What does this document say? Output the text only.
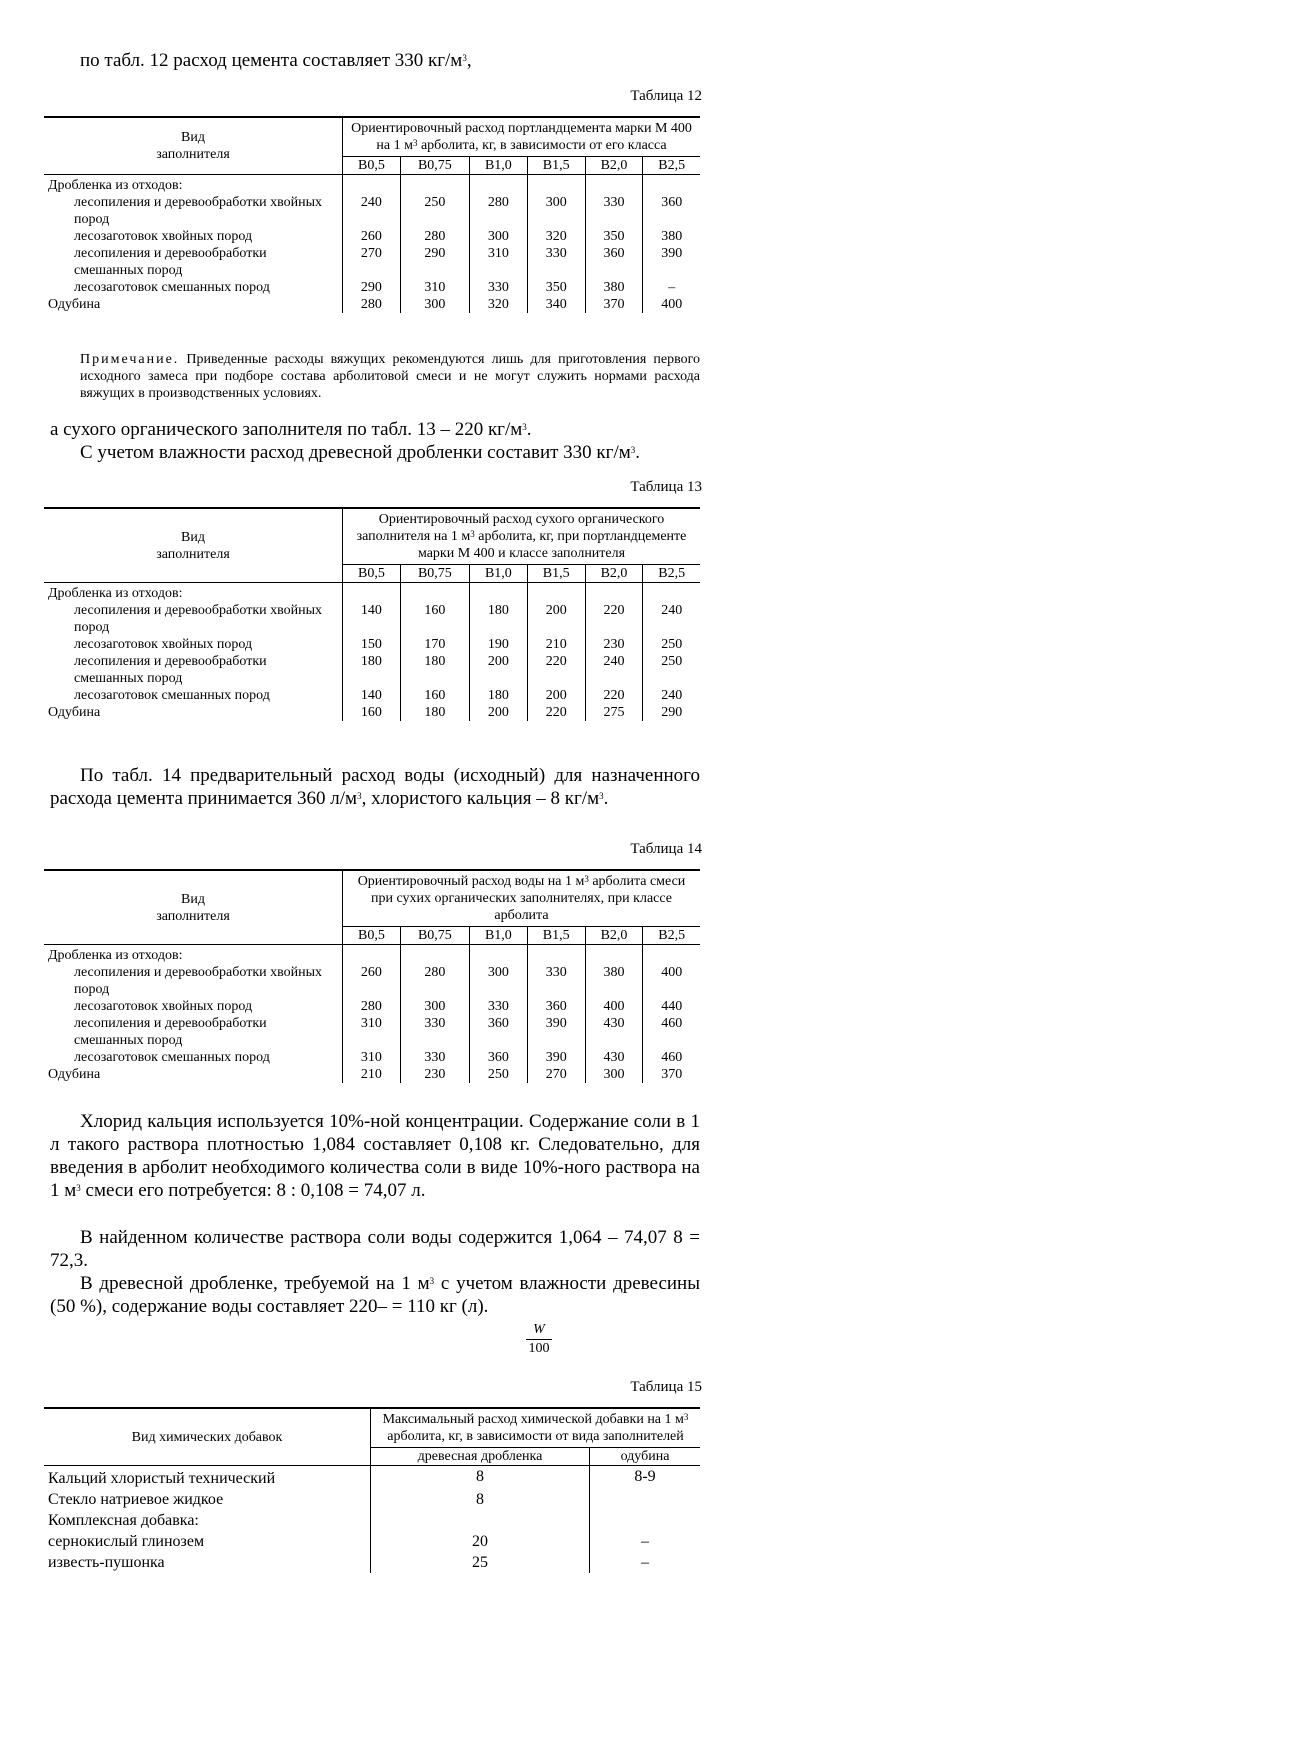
по табл. 12 расход цемента составляет 330 $кг/м^3$,

Таблица 12

Вид
заполнителя	Ориентировочный расход портландцемента марки М 400 на 1 $м^3$ арболита, кг, в зависимости от его класса					
	В0,5	В0,75	В1,0	В1,5	В2,0	В2,5
Дробленка из отходов:						
лесопиления и деревообработки хвойных пород	240	250	280	300	330	360
лесозаготовок хвойных пород	260	280	300	320	350	380
лесопиления и деревообработки смешанных пород	270	290	310	330	360	390
лесозаготовок смешанных пород	290	310	330	350	380	–
Одубина	280	300	320	340	370	400

Примечание. Приведенные расходы вяжущих рекомендуются лишь для приготовления первого исходного замеса при подборе состава арболитовой смеси и не могут служить нормами расхода вяжущих в производственных условиях.

а сухого органического заполнителя по табл. 13 – 220 $кг/м^3$.

С учетом влажности расход древесной дробленки составит 330 $кг/м^3$.

Таблица 13

Вид
заполнителя	Ориентировочный расход сухого органического заполнителя на 1 $м^3$ арболита, кг, при портландцементе марки М 400 и классе заполнителя					
	В0,5	В0,75	В1,0	В1,5	В2,0	В2,5
Дробленка из отходов:						
лесопиления и деревообработки хвойных пород	140	160	180	200	220	240
лесозаготовок хвойных пород	150	170	190	210	230	250
лесопиления и деревообработки смешанных пород	180	180	200	220	240	250
лесозаготовок смешанных пород	140	160	180	200	220	240
Одубина	160	180	200	220	275	290

По табл. 14 предварительный расход воды (исходный) для назначенного расхода цемента принимается 360 $л/м^3$, хлористого кальция – 8 $кг/м^3$.

Таблица 14

Вид
заполнителя	Ориентировочный расход воды на 1 $м^3$ арболита смеси при сухих органических заполнителях, при классе арболита					
	В0,5	В0,75	В1,0	В1,5	В2,0	В2,5
Дробленка из отходов:						
лесопиления и деревообработки хвойных пород	260	280	300	330	380	400
лесозаготовок хвойных пород	280	300	330	360	400	440
лесопиления и деревообработки смешанных пород	310	330	360	390	430	460
лесозаготовок смешанных пород	310	330	360	390	430	460
Одубина	210	230	250	270	300	370

Хлорид кальция используется 10%-ной концентрации. Содержание соли в 1 л такого раствора плотностью 1,084 составляет 0,108 кг. Следовательно, для введения в арболит необходимого количества соли в виде 10%-ного раствора на 1 $м^3$ смеси его потребуется: 8 : 0,108 = 74,07 л.

В найденном количестве раствора соли воды содержится 1,064 – 74,07 8 = 72,3.

В древесной дробленке, требуемой на 1 $м^3$ с учетом влажности древесины (50 %), содержание воды составляет 220– = 110 кг (л).

$\frac{W}{100}$

Таблица 15

Вид химических добавок	Максимальный расход химической добавки на 1 $м^3$ арболита, кг, в зависимости от вида заполнителей	
	древесная дробленка	одубина
Кальций хлористый технический	8	8-9
Стекло натриевое жидкое	8	
Комплексная добавка:		
сернокислый глинозем	20	–
известь-пушонка	25	–
